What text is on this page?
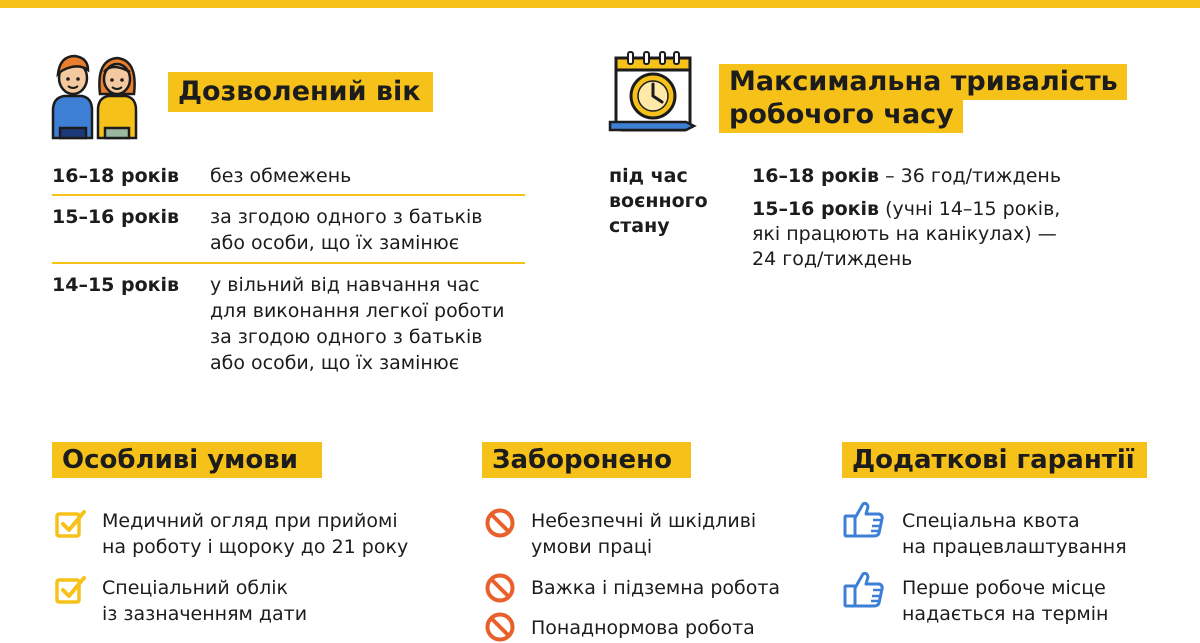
Дозволений вік
16–18 років без обмежень
15–16 років за згодою одного з батьків
або особи, що їх замінює
14–15 років у вільний від навчання час
для виконання легкої роботи
за згодою одного з батьків
або особи, що їх замінює
Максимальна тривалість
робочого часу
під час
воєнного
стану
16–18 років – 36 год/тиждень
15–16 років (учні 14–15 років,
які працюють на канікулах) —
24 год/тиждень
Особливі умови
Медичний огляд при прийомі
на роботу і щороку до 21 року
Спеціальний облік
із зазначенням дати
Заборонено
Небезпечні й шкідливі
умови праці
Важка і підземна робота
Понаднормова робота
Додаткові гарантії
Спеціальна квота
на працевлаштування
Перше робоче місце
надається на термін
